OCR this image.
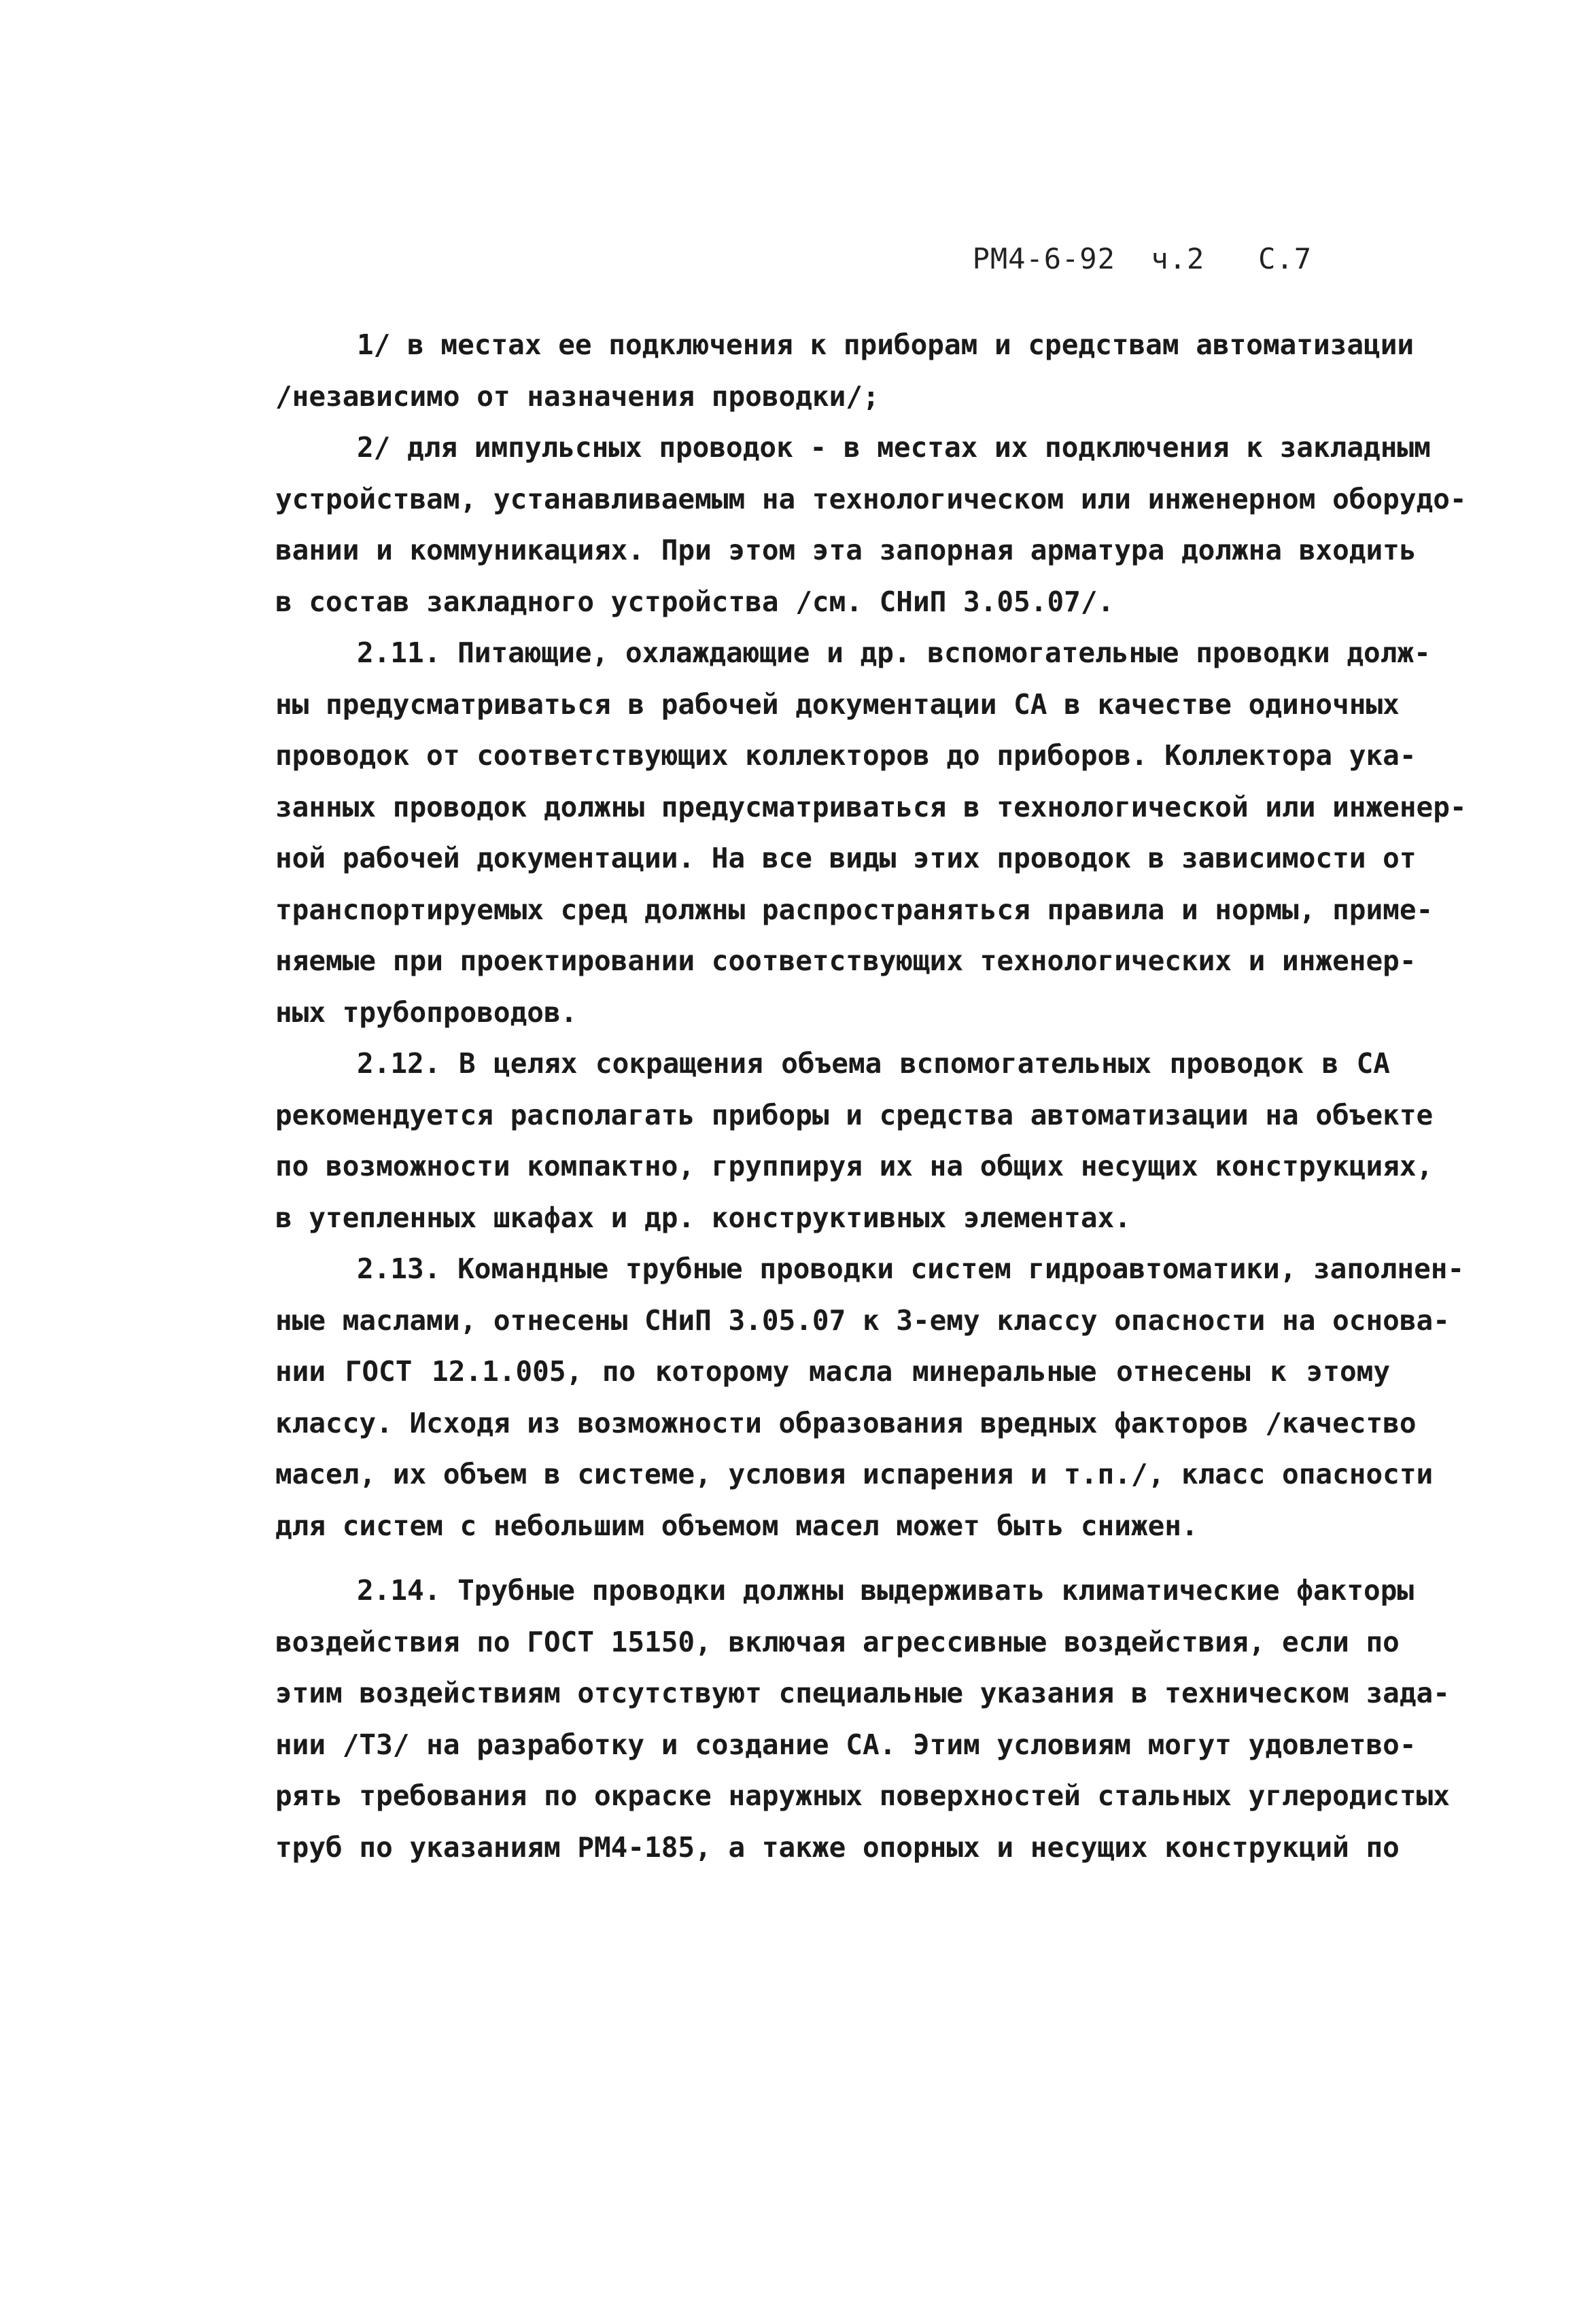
РМ4-6-92  ч.2   С.7
1/ в местах ее подключения к приборам и средствам автоматизации
/независимо от назначения проводки/;
2/ для импульсных проводок - в местах их подключения к закладным
устройствам, устанавливаемым на технологическом или инженерном оборудо-
вании и коммуникациях. При этом эта запорная арматура должна входить
в состав закладного устройства /см. СНиП 3.05.07/.
2.11. Питающие, охлаждающие и др. вспомогательные проводки долж-
ны предусматриваться в рабочей документации СА в качестве одиночных
проводок от соответствующих коллекторов до приборов. Коллектора ука-
занных проводок должны предусматриваться в технологической или инженер-
ной рабочей документации. На все виды этих проводок в зависимости от
транспортируемых сред должны распространяться правила и нормы, приме-
няемые при проектировании соответствующих технологических и инженер-
ных трубопроводов.
2.12. В целях сокращения объема вспомогательных проводок в СА
рекомендуется располагать приборы и средства автоматизации на объекте
по возможности компактно, группируя их на общих несущих конструкциях,
в утепленных шкафах и др. конструктивных элементах.
2.13. Командные трубные проводки систем гидроавтоматики, заполнен-
ные маслами, отнесены СНиП 3.05.07 к 3-ему классу опасности на основа-
нии ГОСТ 12.1.005, по которому масла минеральные отнесены к этому
классу. Исходя из возможности образования вредных факторов /качество
масел, их объем в системе, условия испарения и т.п./, класс опасности
для систем с небольшим объемом масел может быть снижен.
2.14. Трубные проводки должны выдерживать климатические факторы
воздействия по ГОСТ 15150, включая агрессивные воздействия, если по
этим воздействиям отсутствуют специальные указания в техническом зада-
нии /ТЗ/ на разработку и создание СА. Этим условиям могут удовлетво-
рять требования по окраске наружных поверхностей стальных углеродистых
труб по указаниям РМ4-185, а также опорных и несущих конструкций по
